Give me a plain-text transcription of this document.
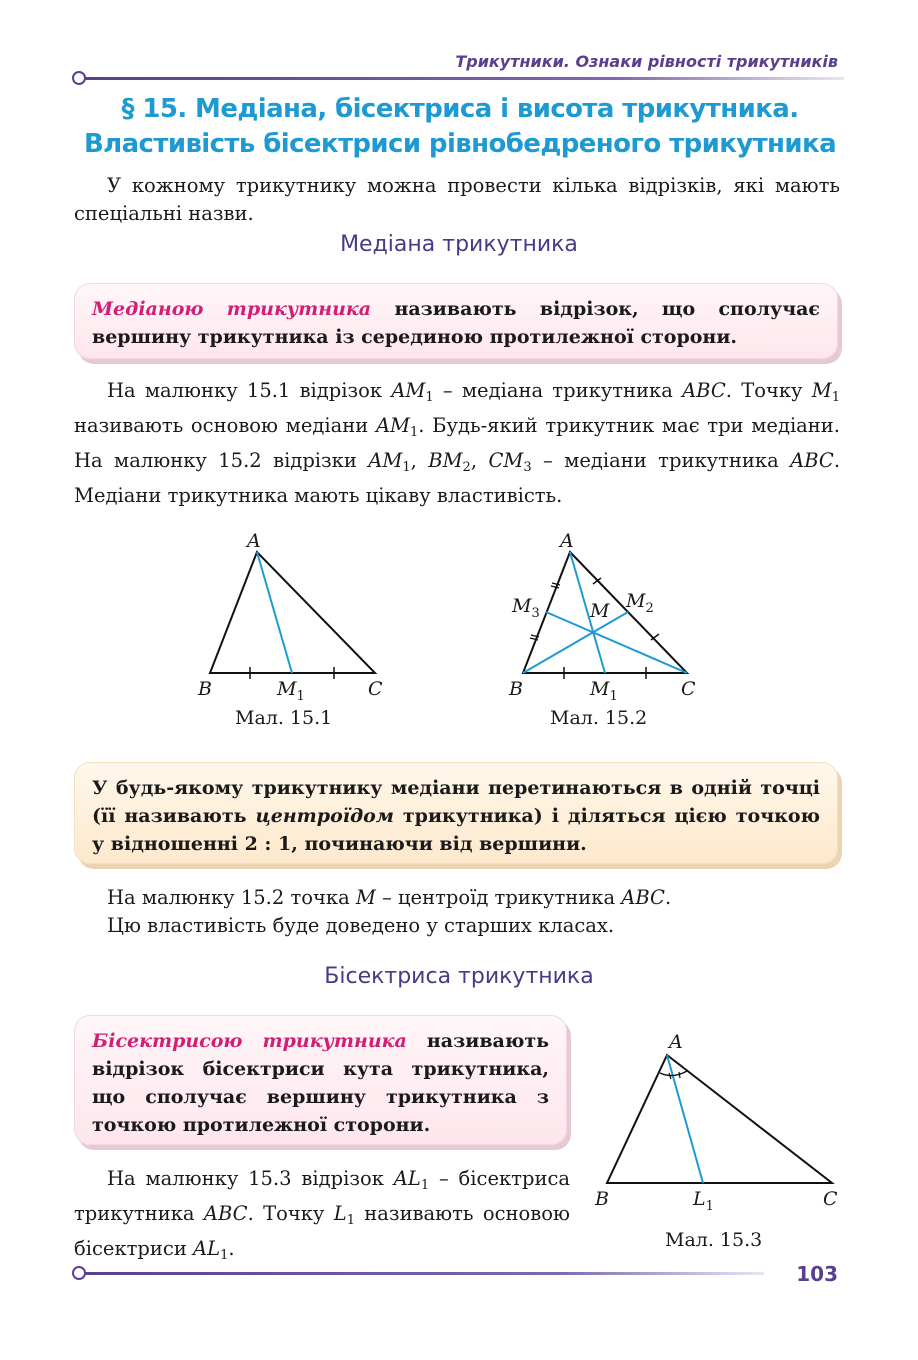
Трикутники. Ознаки рівності трикутників
§ 15. Медіана, бісектриса і висота трикутника.
Властивість бісектриси рівнобедреного трикутника
У кожному трикутнику можна провести кілька відрізків, які мають спеціальні назви.
Медіана трикутника
Медіаною трикутника називають відрізок, що сполучає вершину трикутника із серединою протилежної сторони.
На малюнку 15.1 відрізок $AM_1$ – медіана трикутника ABC. Точку $M_1$ називають основою медіани $AM_1$. Будь-який трикутник має три медіани. На малюнку 15.2 відрізки $AM_1$, $BM_2$, $CM_3$ – медіани трикутника ABC. Медіани трикутника мають цікаву властивість.
A
B	C
$M_1$
Мал. 15.1
A
B	C
M
$M_1$
$M_2$
$M_3$
Мал. 15.2
У будь-якому трикутнику медіани перетинаються в одній точці (її називають центроїдом трикутника) і діляться цією точкою у відношенні 2 : 1, починаючи від вершини.
На малюнку 15.2 точка M – центроїд трикутника ABC.
Цю властивість буде доведено у старших класах.
Бісектриса трикутника
Бісектрисою трикутника називають відрізок бісектриси кута трикутника, що сполучає вершину трикутника з точкою протилежної сторони.
На малюнку 15.3 відрізок $AL_1$ – бісектриса трикутника ABC. Точку $L_1$ називають основою бісектриси $AL_1$.
A
B	C
$L_1$
Мал. 15.3
103
